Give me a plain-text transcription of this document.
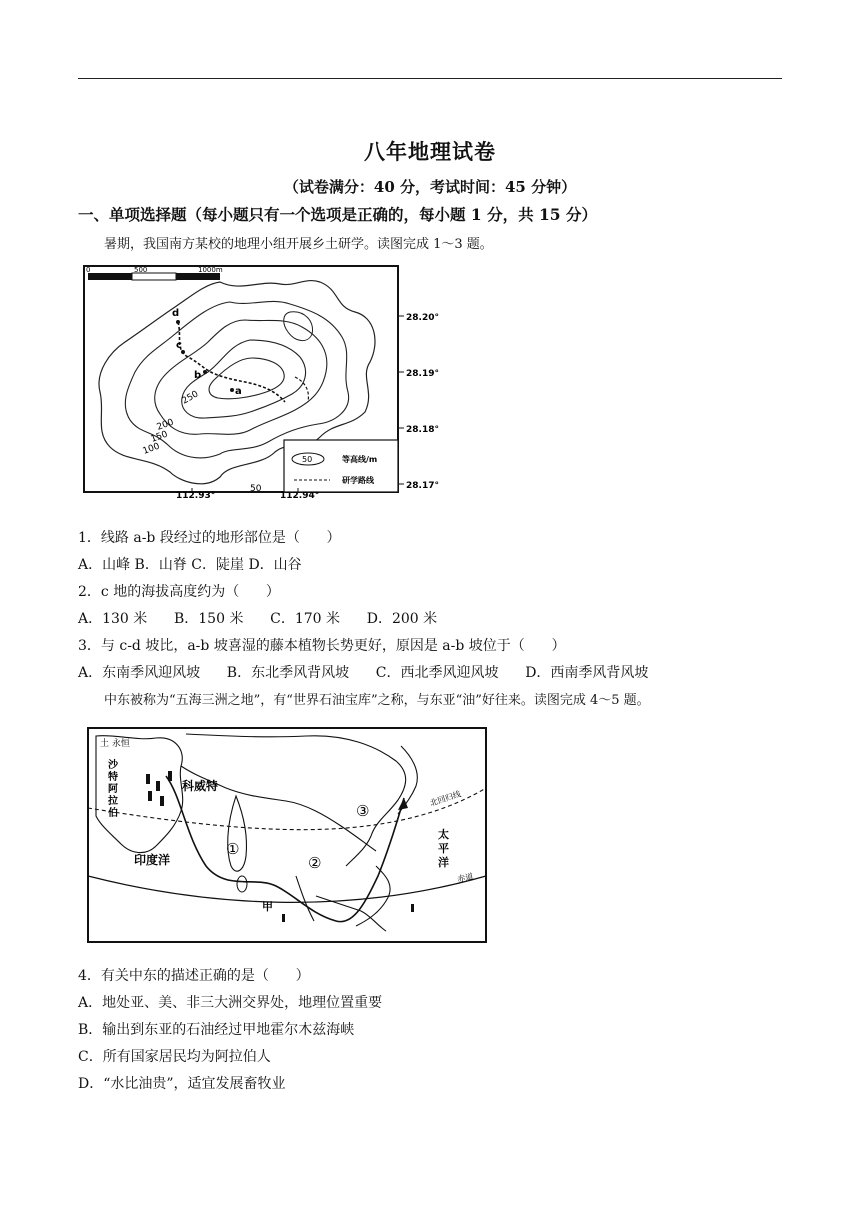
八年地理试卷
（试卷满分：40 分，考试时间：45 分钟）
一、单项选择题（每小题只有一个选项是正确的，每小题 1 分，共 15 分）
暑期，我国南方某校的地理小组开展乡土研学。读图完成 1～3 题。
0	500	1000m
d
c
b
a
250
200
150
100
50
50	等高线/m
研学路线
28.20°
28.19°
28.18°
28.17°
112.93°	112.94°
1．线路 a-b 段经过的地形部位是（      ）
A．山峰 B．山脊 C．陡崖 D．山谷
2．c 地的海拔高度约为（      ）
A．130 米      B．150 米      C．170 米      D．200 米
3．与 c-d 坡比，a-b 坡喜湿的藤本植物长势更好，原因是 a-b 坡位于（      ）
A．东南季风迎风坡      B．东北季风背风坡      C．西北季风迎风坡      D．西南季风背风坡
中东被称为“五海三洲之地”，有“世界石油宝库”之称，与东亚“油”好往来。读图完成 4～5 题。
北回归线
赤道
①
②
③
土 永恒
沙
特
阿
拉
伯
科威特
印度洋
太
平
洋
甲
4．有关中东的描述正确的是（      ）
A．地处亚、美、非三大洲交界处，地理位置重要
B．输出到东亚的石油经过甲地霍尔木兹海峡
C．所有国家居民均为阿拉伯人
D．“水比油贵”，适宜发展畜牧业
